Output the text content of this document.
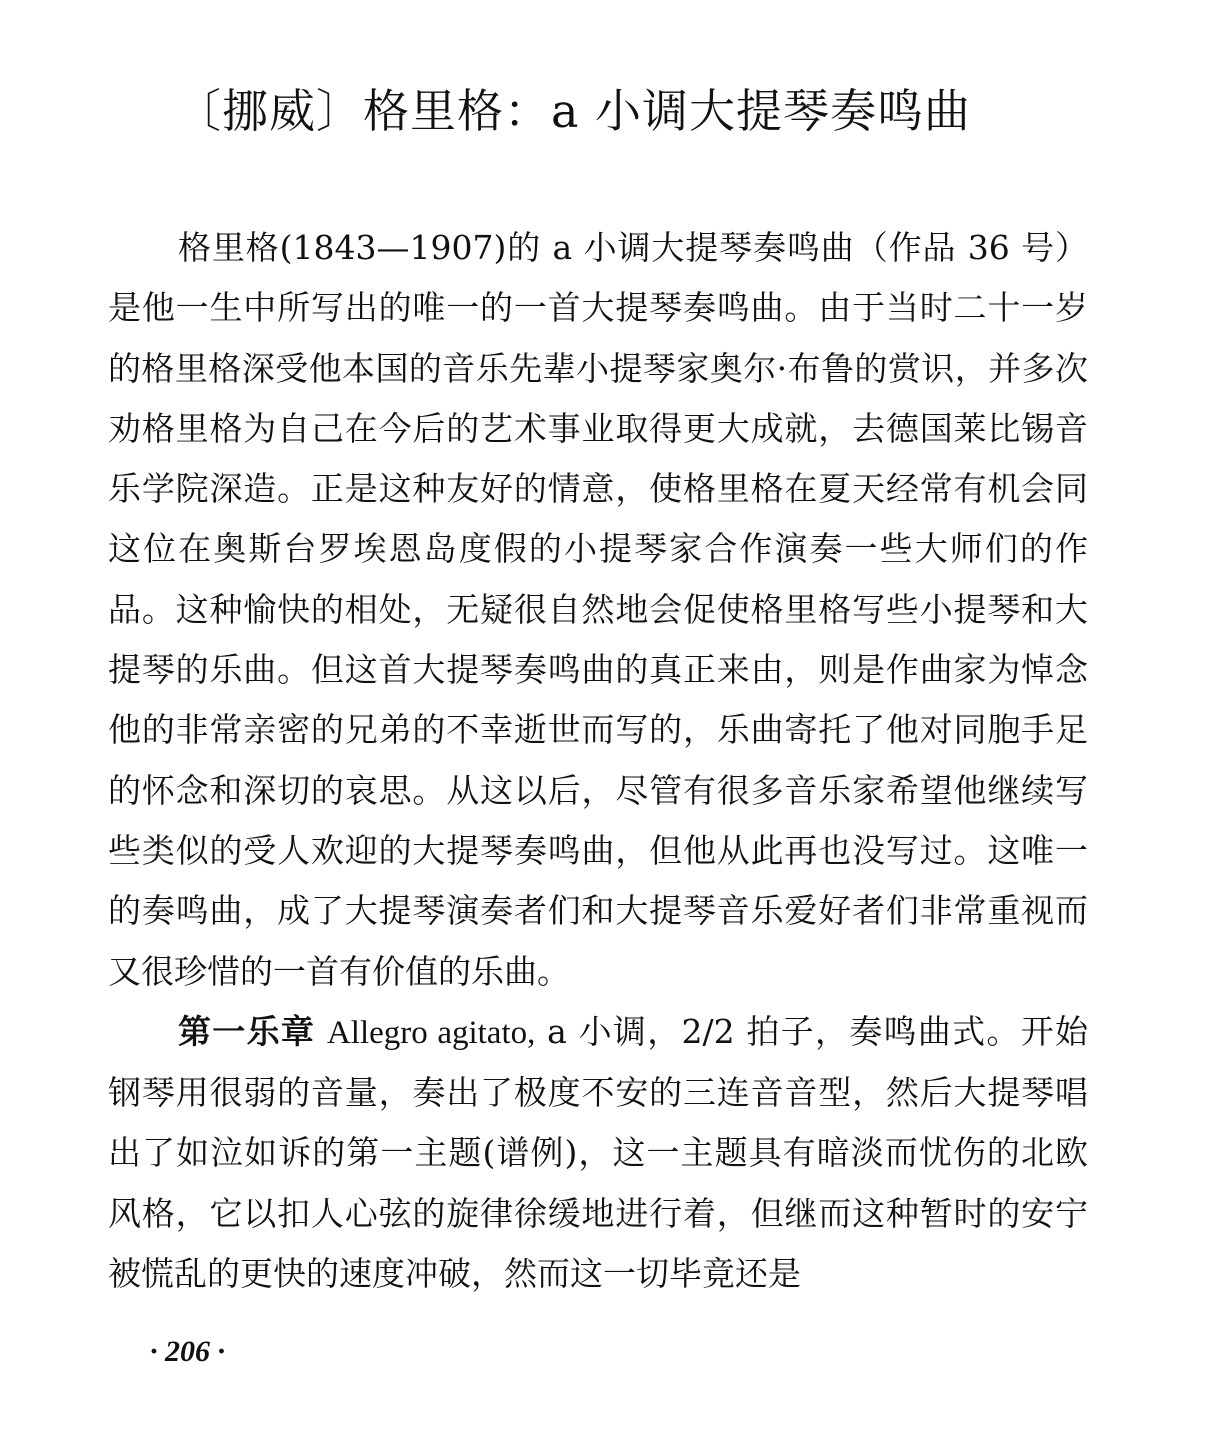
〔挪威〕格里格：a 小调大提琴奏鸣曲

格里格(1843—1907)的 a 小调大提琴奏鸣曲（作品 36 号）是他一生中所写出的唯一的一首大提琴奏鸣曲。由于当时二十一岁的格里格深受他本国的音乐先辈小提琴家奥尔·布鲁的赏识，并多次劝格里格为自己在今后的艺术事业取得更大成就，去德国莱比锡音乐学院深造。正是这种友好的情意，使格里格在夏天经常有机会同这位在奥斯台罗埃恩岛度假的小提琴家合作演奏一些大师们的作品。这种愉快的相处，无疑很自然地会促使格里格写些小提琴和大提琴的乐曲。但这首大提琴奏鸣曲的真正来由，则是作曲家为悼念他的非常亲密的兄弟的不幸逝世而写的，乐曲寄托了他对同胞手足的怀念和深切的哀思。从这以后，尽管有很多音乐家希望他继续写些类似的受人欢迎的大提琴奏鸣曲，但他从此再也没写过。这唯一的奏鸣曲，成了大提琴演奏者们和大提琴音乐爱好者们非常重视而又很珍惜的一首有价值的乐曲。

第一乐章 Allegro agitato, a 小调，2/2 拍子，奏鸣曲式。开始钢琴用很弱的音量，奏出了极度不安的三连音音型，然后大提琴唱出了如泣如诉的第一主题(谱例)，这一主题具有暗淡而忧伤的北欧风格，它以扣人心弦的旋律徐缓地进行着，但继而这种暂时的安宁被慌乱的更快的速度冲破，然而这一切毕竟还是

· 206 ·
